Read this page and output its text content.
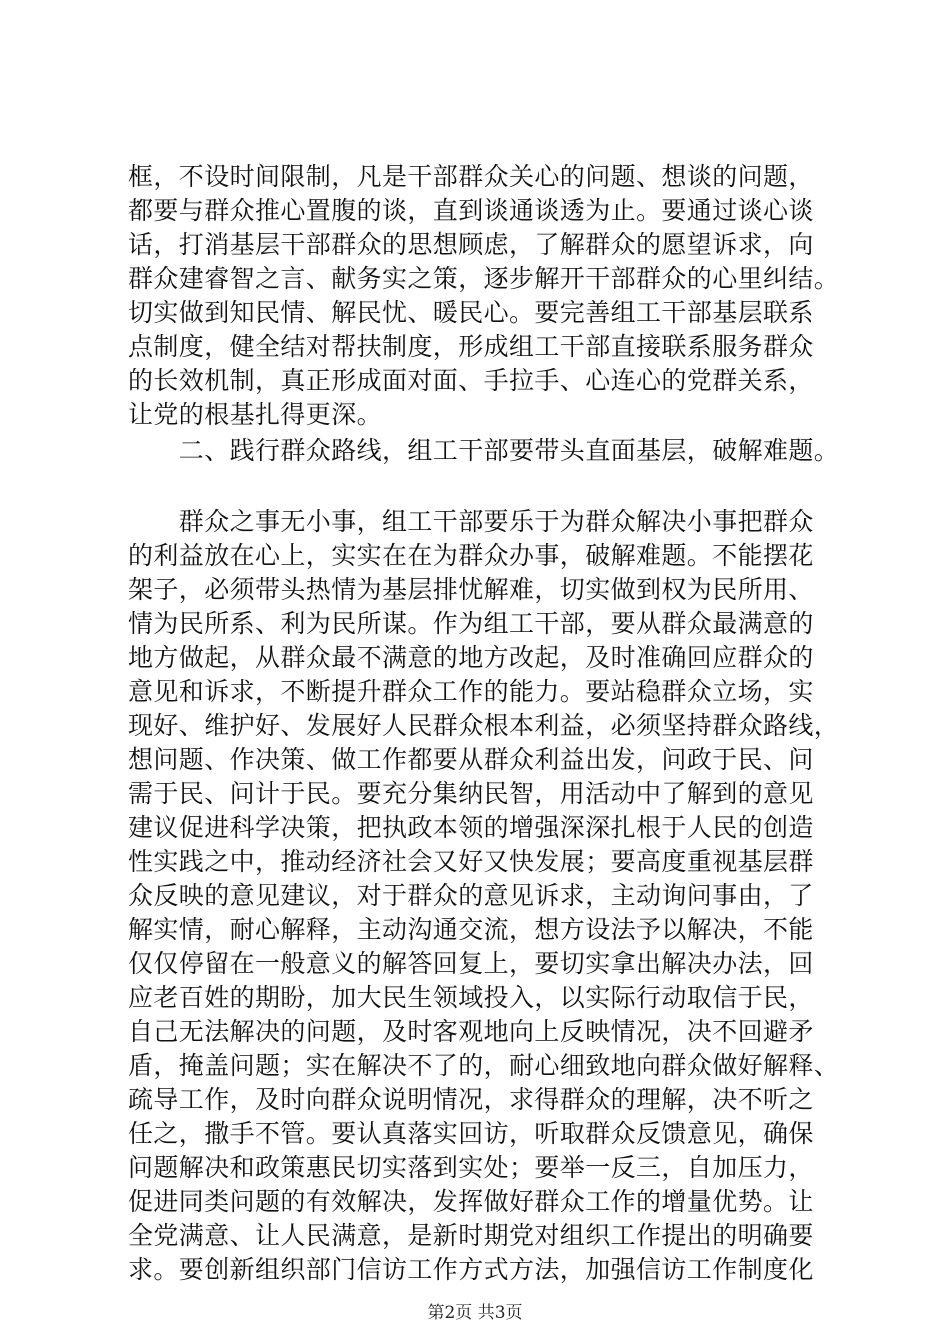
框，不设时间限制，凡是干部群众关心的问题、想谈的问题，
都要与群众推心置腹的谈，直到谈通谈透为止。要通过谈心谈
话，打消基层干部群众的思想顾虑，了解群众的愿望诉求，向
群众建睿智之言、献务实之策，逐步解开干部群众的心里纠结。
切实做到知民情、解民忧、暖民心。要完善组工干部基层联系
点制度，健全结对帮扶制度，形成组工干部直接联系服务群众
的长效机制，真正形成面对面、手拉手、心连心的党群关系，
让党的根基扎得更深。
　　二、践行群众路线，组工干部要带头直面基层，破解难题。
　　群众之事无小事，组工干部要乐于为群众解决小事把群众
的利益放在心上，实实在在为群众办事，破解难题。不能摆花
架子，必须带头热情为基层排忧解难，切实做到权为民所用、
情为民所系、利为民所谋。作为组工干部，要从群众最满意的
地方做起，从群众最不满意的地方改起，及时准确回应群众的
意见和诉求，不断提升群众工作的能力。要站稳群众立场，实
现好、维护好、发展好人民群众根本利益，必须坚持群众路线，
想问题、作决策、做工作都要从群众利益出发，问政于民、问
需于民、问计于民。要充分集纳民智，用活动中了解到的意见
建议促进科学决策，把执政本领的增强深深扎根于人民的创造
性实践之中，推动经济社会又好又快发展；要高度重视基层群
众反映的意见建议，对于群众的意见诉求，主动询问事由，了
解实情，耐心解释，主动沟通交流，想方设法予以解决，不能
仅仅停留在一般意义的解答回复上，要切实拿出解决办法，回
应老百姓的期盼，加大民生领域投入，以实际行动取信于民，
自己无法解决的问题，及时客观地向上反映情况，决不回避矛
盾，掩盖问题；实在解决不了的，耐心细致地向群众做好解释、
疏导工作，及时向群众说明情况，求得群众的理解，决不听之
任之，撒手不管。要认真落实回访，听取群众反馈意见，确保
问题解决和政策惠民切实落到实处；要举一反三，自加压力，
促进同类问题的有效解决，发挥做好群众工作的增量优势。让
全党满意、让人民满意，是新时期党对组织工作提出的明确要
求。要创新组织部门信访工作方式方法，加强信访工作制度化
第2页 共3页
